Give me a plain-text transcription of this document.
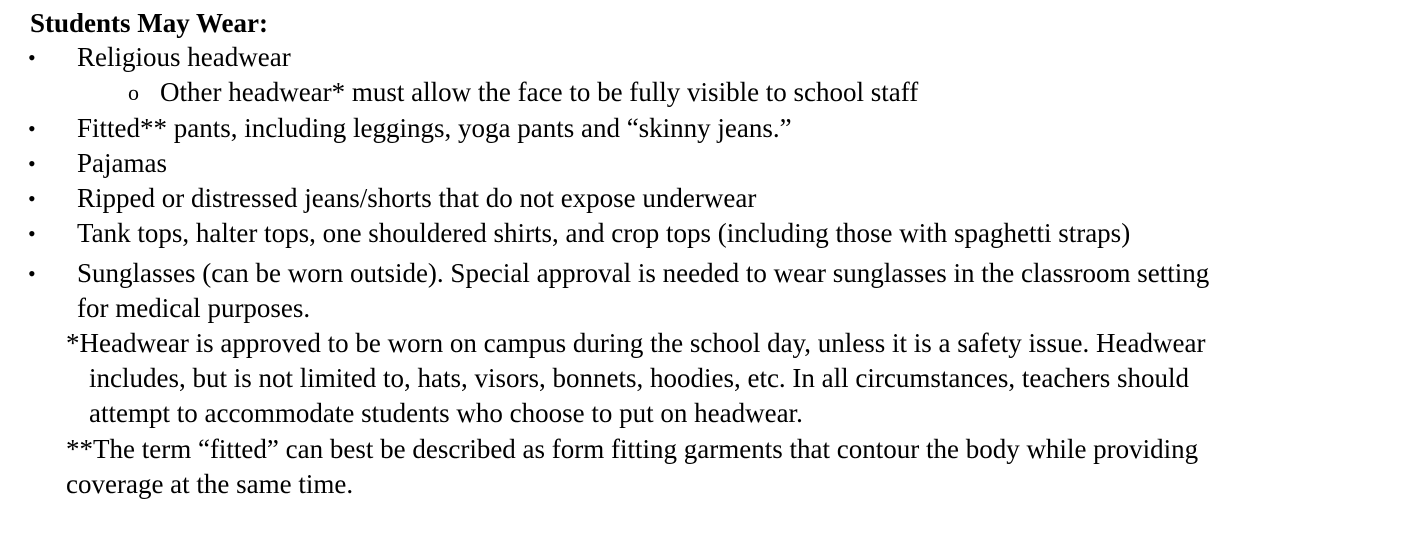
Students May Wear:
• Religious headwear
o Other headwear* must allow the face to be fully visible to school staff
• Fitted** pants, including leggings, yoga pants and “skinny jeans.”
• Pajamas
• Ripped or distressed jeans/shorts that do not expose underwear
• Tank tops, halter tops, one shouldered shirts, and crop tops (including those with spaghetti straps)
• Sunglasses (can be worn outside). Special approval is needed to wear sunglasses in the classroom setting
for medical purposes.
*Headwear is approved to be worn on campus during the school day, unless it is a safety issue. Headwear
includes, but is not limited to, hats, visors, bonnets, hoodies, etc. In all circumstances, teachers should
attempt to accommodate students who choose to put on headwear.
**The term “fitted” can best be described as form fitting garments that contour the body while providing
coverage at the same time.
